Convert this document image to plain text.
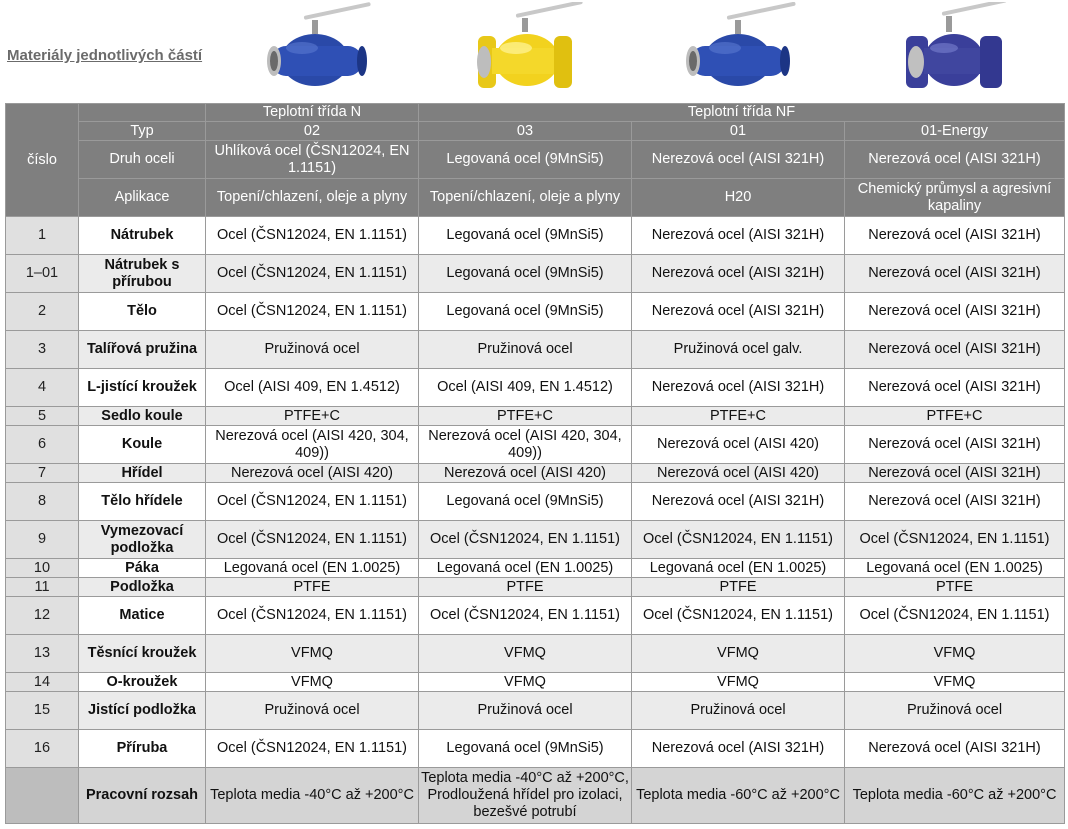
Materiály jednotlivých částí
číslo		Teplotní třída N	Teplotní třída NF		
	Typ	02	03	01	01-Energy
	Druh oceli	Uhlíková ocel (ČSN12024, EN 1.1151)	Legovaná ocel (9MnSi5)	Nerezová ocel (AISI 321H)	Nerezová ocel (AISI 321H)
	Aplikace	Topení/chlazení, oleje a plyny	Topení/chlazení, oleje a plyny	H20	Chemický průmysl a agresivní kapaliny
1	Nátrubek	Ocel (ČSN12024, EN 1.1151)	Legovaná ocel (9MnSi5)	Nerezová ocel (AISI 321H)	Nerezová ocel (AISI 321H)
1–01	Nátrubek s přírubou	Ocel (ČSN12024, EN 1.1151)	Legovaná ocel (9MnSi5)	Nerezová ocel (AISI 321H)	Nerezová ocel (AISI 321H)
2	Tělo	Ocel (ČSN12024, EN 1.1151)	Legovaná ocel (9MnSi5)	Nerezová ocel (AISI 321H)	Nerezová ocel (AISI 321H)
3	Talířová pružina	Pružinová ocel	Pružinová ocel	Pružinová ocel galv.	Nerezová ocel (AISI 321H)
4	L-jistící kroužek	Ocel (AISI 409, EN 1.4512)	Ocel (AISI 409, EN 1.4512)	Nerezová ocel (AISI 321H)	Nerezová ocel (AISI 321H)
5	Sedlo koule	PTFE+C	PTFE+C	PTFE+C	PTFE+C
6	Koule	Nerezová ocel (AISI 420, 304, 409))	Nerezová ocel (AISI 420, 304, 409))	Nerezová ocel (AISI 420)	Nerezová ocel (AISI 321H)
7	Hřídel	Nerezová ocel (AISI 420)	Nerezová ocel (AISI 420)	Nerezová ocel (AISI 420)	Nerezová ocel (AISI 321H)
8	Tělo hřídele	Ocel (ČSN12024, EN 1.1151)	Legovaná ocel (9MnSi5)	Nerezová ocel (AISI 321H)	Nerezová ocel (AISI 321H)
9	Vymezovací podložka	Ocel (ČSN12024, EN 1.1151)	Ocel (ČSN12024, EN 1.1151)	Ocel (ČSN12024, EN 1.1151)	Ocel (ČSN12024, EN 1.1151)
10	Páka	Legovaná ocel (EN 1.0025)	Legovaná ocel (EN 1.0025)	Legovaná ocel (EN 1.0025)	Legovaná ocel (EN 1.0025)
11	Podložka	PTFE	PTFE	PTFE	PTFE
12	Matice	Ocel (ČSN12024, EN 1.1151)	Ocel (ČSN12024, EN 1.1151)	Ocel (ČSN12024, EN 1.1151)	Ocel (ČSN12024, EN 1.1151)
13	Těsnící kroužek	VFMQ	VFMQ	VFMQ	VFMQ
14	O-kroužek	VFMQ	VFMQ	VFMQ	VFMQ
15	Jistící podložka	Pružinová ocel	Pružinová ocel	Pružinová ocel	Pružinová ocel
16	Příruba	Ocel (ČSN12024, EN 1.1151)	Legovaná ocel (9MnSi5)	Nerezová ocel (AISI 321H)	Nerezová ocel (AISI 321H)
	Pracovní rozsah	Teplota media -40°C až +200°C	Teplota media -40°C až +200°C, Prodloužená hřídel pro izolaci, bezešvé potrubí	Teplota media -60°C až +200°C	Teplota media -60°C až +200°C
